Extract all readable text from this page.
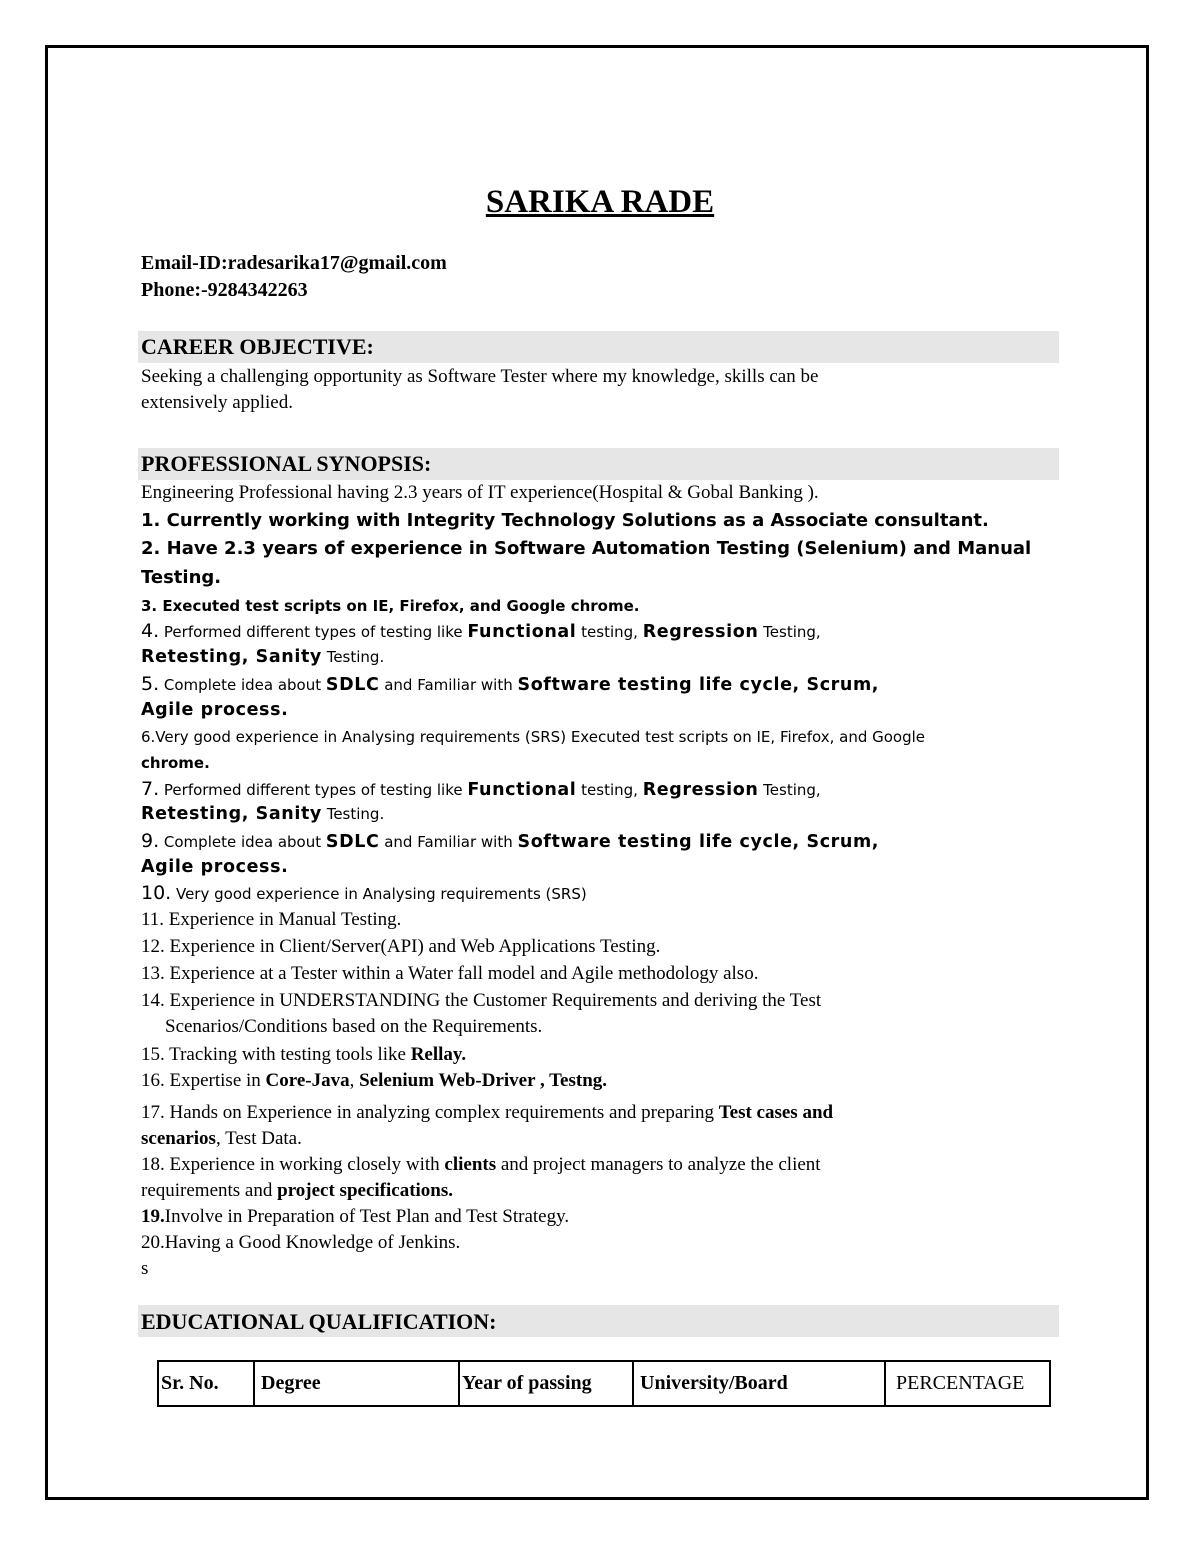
SARIKA RADE
Email-ID:radesarika17@gmail.com
Phone:-9284342263
CAREER OBJECTIVE:
Seeking a challenging opportunity as Software Tester where my knowledge, skills can be
extensively applied.
PROFESSIONAL SYNOPSIS:
Engineering Professional having 2.3 years of IT experience(Hospital & Gobal Banking ).
1. Currently working with Integrity Technology Solutions as a Associate consultant.
2. Have 2.3 years of experience in Software Automation Testing (Selenium) and Manual
Testing.
3. Executed test scripts on IE, Firefox, and Google chrome.
4. Performed different types of testing like Functional testing, Regression Testing,
Retesting, Sanity Testing.
5. Complete idea about SDLC and Familiar with Software testing life cycle, Scrum,
Agile process.
6.Very good experience in Analysing requirements (SRS) Executed test scripts on IE, Firefox, and Google
chrome.
7. Performed different types of testing like Functional testing, Regression Testing,
Retesting, Sanity Testing.
9. Complete idea about SDLC and Familiar with Software testing life cycle, Scrum,
Agile process.
10. Very good experience in Analysing requirements (SRS)
11. Experience in Manual Testing.
12. Experience in Client/Server(API) and Web Applications Testing.
13. Experience at a Tester within a Water fall model and Agile methodology also.
14. Experience in UNDERSTANDING the Customer Requirements and deriving the Test
Scenarios/Conditions based on the Requirements.
15. Tracking with testing tools like Rellay.
16. Expertise in Core-Java, Selenium Web-Driver , Testng.
17. Hands on Experience in analyzing complex requirements and preparing Test cases and
scenarios, Test Data.
18. Experience in working closely with clients and project managers to analyze the client
requirements and project specifications.
19.Involve in Preparation of Test Plan and Test Strategy.
20.Having a Good Knowledge of Jenkins.
s
EDUCATIONAL QUALIFICATION:
Sr. No.	Degree	Year of passing	University/Board	PERCENTAGE
